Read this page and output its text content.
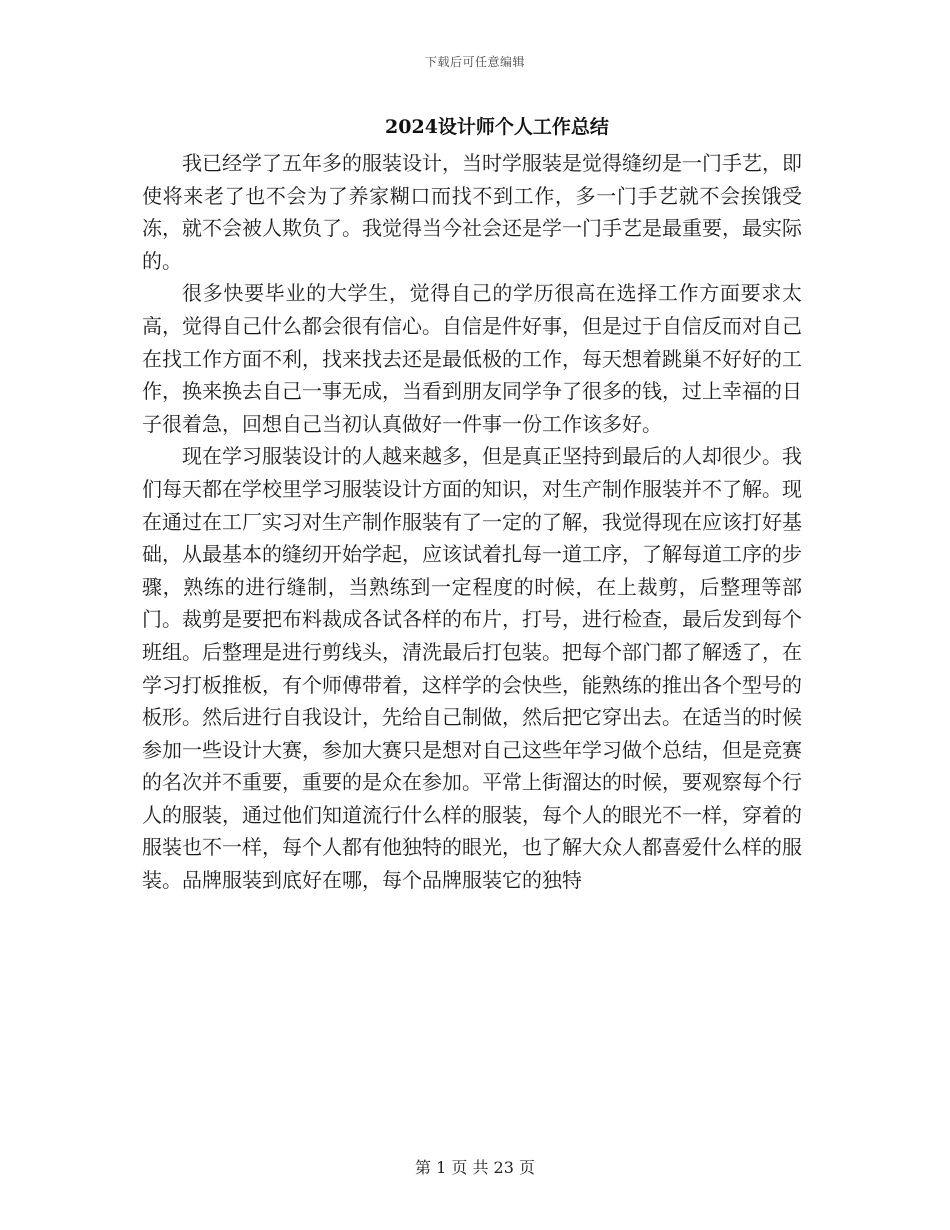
下载后可任意编辑
2024设计师个人工作总结

我已经学了五年多的服装设计，当时学服装是觉得缝纫是一门手艺，即使将来老了也不会为了养家糊口而找不到工作，多一门手艺就不会挨饿受冻，就不会被人欺负了。我觉得当今社会还是学一门手艺是最重要，最实际的。

很多快要毕业的大学生，觉得自己的学历很高在选择工作方面要求太高，觉得自己什么都会很有信心。自信是件好事，但是过于自信反而对自己在找工作方面不利，找来找去还是最低极的工作，每天想着跳巢不好好的工作，换来换去自己一事无成，当看到朋友同学争了很多的钱，过上幸福的日子很着急，回想自己当初认真做好一件事一份工作该多好。

现在学习服装设计的人越来越多，但是真正坚持到最后的人却很少。我们每天都在学校里学习服装设计方面的知识，对生产制作服装并不了解。现在通过在工厂实习对生产制作服装有了一定的了解，我觉得现在应该打好基础，从最基本的缝纫开始学起，应该试着扎每一道工序，了解每道工序的步骤，熟练的进行缝制，当熟练到一定程度的时候，在上裁剪，后整理等部门。裁剪是要把布料裁成各试各样的布片，打号，进行检查，最后发到每个班组。后整理是进行剪线头，清洗最后打包装。把每个部门都了解透了，在学习打板推板，有个师傅带着，这样学的会快些，能熟练的推出各个型号的板形。然后进行自我设计，先给自己制做，然后把它穿出去。在适当的时候参加一些设计大赛，参加大赛只是想对自己这些年学习做个总结，但是竞赛的名次并不重要，重要的是众在参加。平常上街溜达的时候，要观察每个行人的服装，通过他们知道流行什么样的服装，每个人的眼光不一样，穿着的服装也不一样，每个人都有他独特的眼光，也了解大众人都喜爱什么样的服装。品牌服装到底好在哪，每个品牌服装它的独特

第 1 页 共 23 页
